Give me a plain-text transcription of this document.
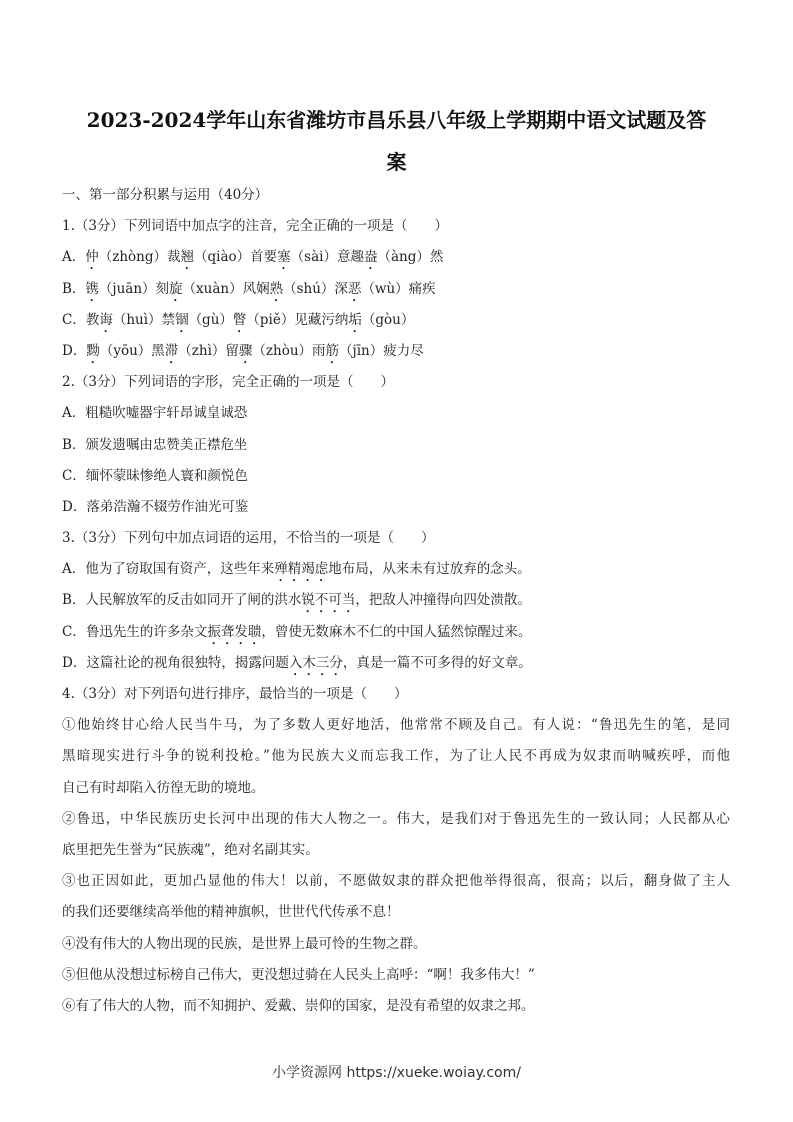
2023-2024学年山东省潍坊市昌乐县八年级上学期期中语文试题及答
案
一、第一部分积累与运用（40分）
1.（3分）下列词语中加点字的注音，完全正确的一项是（　　）
A．仲（zhòng）裁翘（qiào）首要塞（sài）意趣盎（àng）然
B．镌（juān）刻旋（xuàn）风娴熟（shú）深恶（wù）痛疾
C．教诲（huì）禁锢（gù）瞥（piě）见藏污纳垢（gòu）
D．黝（yōu）黑滞（zhì）留骤（zhòu）雨筋（jīn）疲力尽
2.（3分）下列词语的字形，完全正确的一项是（　　）
A．粗糙吹嘘器宇轩昂诚皇诚恐
B．颁发遗嘱由忠赞美正襟危坐
C．缅怀蒙昧惨绝人寰和颜悦色
D．落弟浩瀚不辍劳作油光可鉴
3.（3分）下列句中加点词语的运用，不恰当的一项是（　　）
A．他为了窃取国有资产，这些年来殚精竭虑地布局，从来未有过放弃的念头。
B．人民解放军的反击如同开了闸的洪水锐不可当，把敌人冲撞得向四处溃散。
C．鲁迅先生的许多杂文振聋发聩，曾使无数麻木不仁的中国人猛然惊醒过来。
D．这篇社论的视角很独特，揭露问题入木三分，真是一篇不可多得的好文章。
4.（3分）对下列语句进行排序，最恰当的一项是（　　）
①他始终甘心给人民当牛马，为了多数人更好地活，他常常不顾及自己。有人说：“鲁迅先生的笔，是同
黑暗现实进行斗争的锐利投枪。”他为民族大义而忘我工作，为了让人民不再成为奴隶而呐喊疾呼，而他
自己有时却陷入彷徨无助的境地。
②鲁迅，中华民族历史长河中出现的伟大人物之一。伟大，是我们对于鲁迅先生的一致认同；人民都从心
底里把先生誉为“民族魂”，绝对名副其实。
③也正因如此，更加凸显他的伟大！以前，不愿做奴隶的群众把他举得很高，很高；以后，翻身做了主人
的我们还要继续高举他的精神旗帜，世世代代传承不息！
④没有伟大的人物出现的民族，是世界上最可怜的生物之群。
⑤但他从没想过标榜自己伟大，更没想过骑在人民头上高呼：“啊！我多伟大！”
⑥有了伟大的人物，而不知拥护、爱戴、崇仰的国家，是没有希望的奴隶之邦。
小学资源网 https://xueke.woiay.com/
